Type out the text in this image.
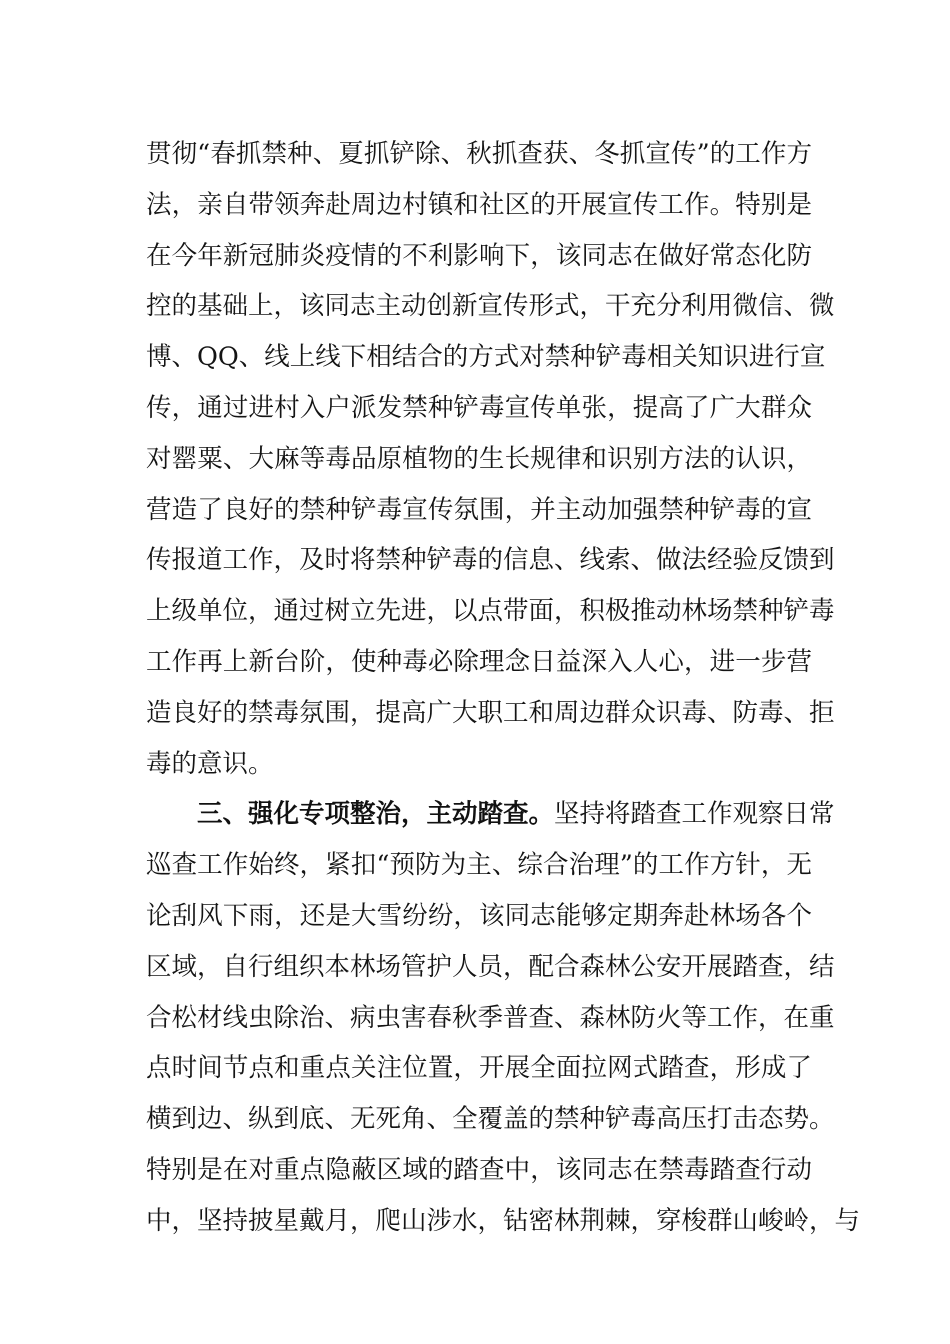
贯彻“春抓禁种、夏抓铲除、秋抓查获、冬抓宣传”的工作方
法，亲自带领奔赴周边村镇和社区的开展宣传工作。特别是
在今年新冠肺炎疫情的不利影响下，该同志在做好常态化防
控的基础上，该同志主动创新宣传形式，干充分利用微信、微
博、QQ、线上线下相结合的方式对禁种铲毒相关知识进行宣
传，通过进村入户派发禁种铲毒宣传单张，提高了广大群众
对罂粟、大麻等毒品原植物的生长规律和识别方法的认识，
营造了良好的禁种铲毒宣传氛围，并主动加强禁种铲毒的宣
传报道工作，及时将禁种铲毒的信息、线索、做法经验反馈到
上级单位，通过树立先进，以点带面，积极推动林场禁种铲毒
工作再上新台阶，使种毒必除理念日益深入人心，进一步营
造良好的禁毒氛围，提高广大职工和周边群众识毒、防毒、拒
毒的意识。
三、强化专项整治，主动踏查。坚持将踏查工作观察日常
巡查工作始终，紧扣“预防为主、综合治理”的工作方针，无
论刮风下雨，还是大雪纷纷，该同志能够定期奔赴林场各个
区域，自行组织本林场管护人员，配合森林公安开展踏查，结
合松材线虫除治、病虫害春秋季普查、森林防火等工作，在重
点时间节点和重点关注位置，开展全面拉网式踏查，形成了
横到边、纵到底、无死角、全覆盖的禁种铲毒高压打击态势。
特别是在对重点隐蔽区域的踏查中，该同志在禁毒踏查行动
中，坚持披星戴月，爬山涉水，钻密林荆棘，穿梭群山峻岭，与
